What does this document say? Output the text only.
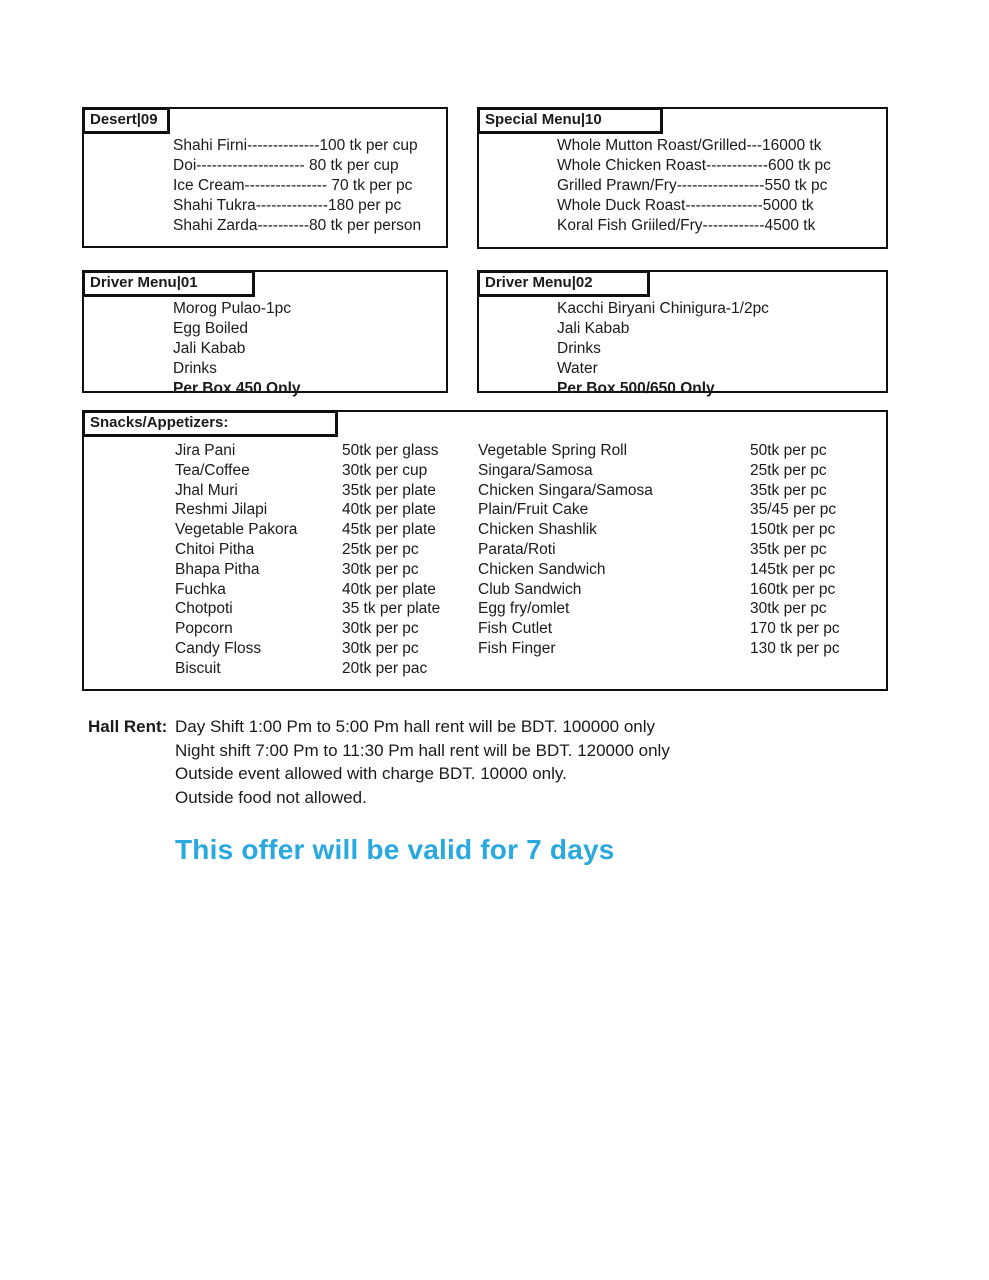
Desert|09
Shahi Firni--------------100 tk per cup
Doi--------------------- 80 tk per cup
Ice Cream---------------- 70 tk per pc
Shahi Tukra--------------180 per pc
Shahi Zarda----------80 tk per person
Special Menu|10
Whole Mutton Roast/Grilled---16000 tk
Whole Chicken Roast------------600 tk pc
Grilled Prawn/Fry-----------------550 tk pc
Whole Duck Roast---------------5000 tk
Koral Fish Griiled/Fry------------4500 tk
Driver Menu|01
Morog Pulao-1pc
Egg Boiled
Jali Kabab
Drinks
Per Box 450 Only
Driver Menu|02
Kacchi Biryani Chinigura-1/2pc
Jali Kabab
Drinks
Water
Per Box 500/650 Only
Snacks/Appetizers:
Jira Pani	50tk per glass	Vegetable Spring Roll	50tk per pc
Tea/Coffee	30tk per cup	Singara/Samosa	25tk per pc
Jhal Muri	35tk per plate	Chicken Singara/Samosa	35tk per pc
Reshmi Jilapi	40tk per plate	Plain/Fruit Cake	35/45 per pc
Vegetable Pakora	45tk per plate	Chicken Shashlik	150tk per pc
Chitoi Pitha	25tk per pc	Parata/Roti	35tk per pc
Bhapa Pitha	30tk per pc	Chicken Sandwich	145tk per pc
Fuchka	40tk per plate	Club Sandwich	160tk per pc
Chotpoti	35 tk per plate	Egg fry/omlet	30tk per pc
Popcorn	30tk per pc	Fish Cutlet	170 tk per pc
Candy Floss	30tk per pc	Fish Finger	130 tk per pc
Biscuit	20tk per pac
Hall Rent: Day Shift 1:00 Pm to 5:00 Pm hall rent will be BDT. 100000 only
Night shift 7:00 Pm to 11:30 Pm hall rent will be BDT. 120000 only
Outside event allowed with charge BDT. 10000 only.
Outside food not allowed.
This offer will be valid for 7 days
